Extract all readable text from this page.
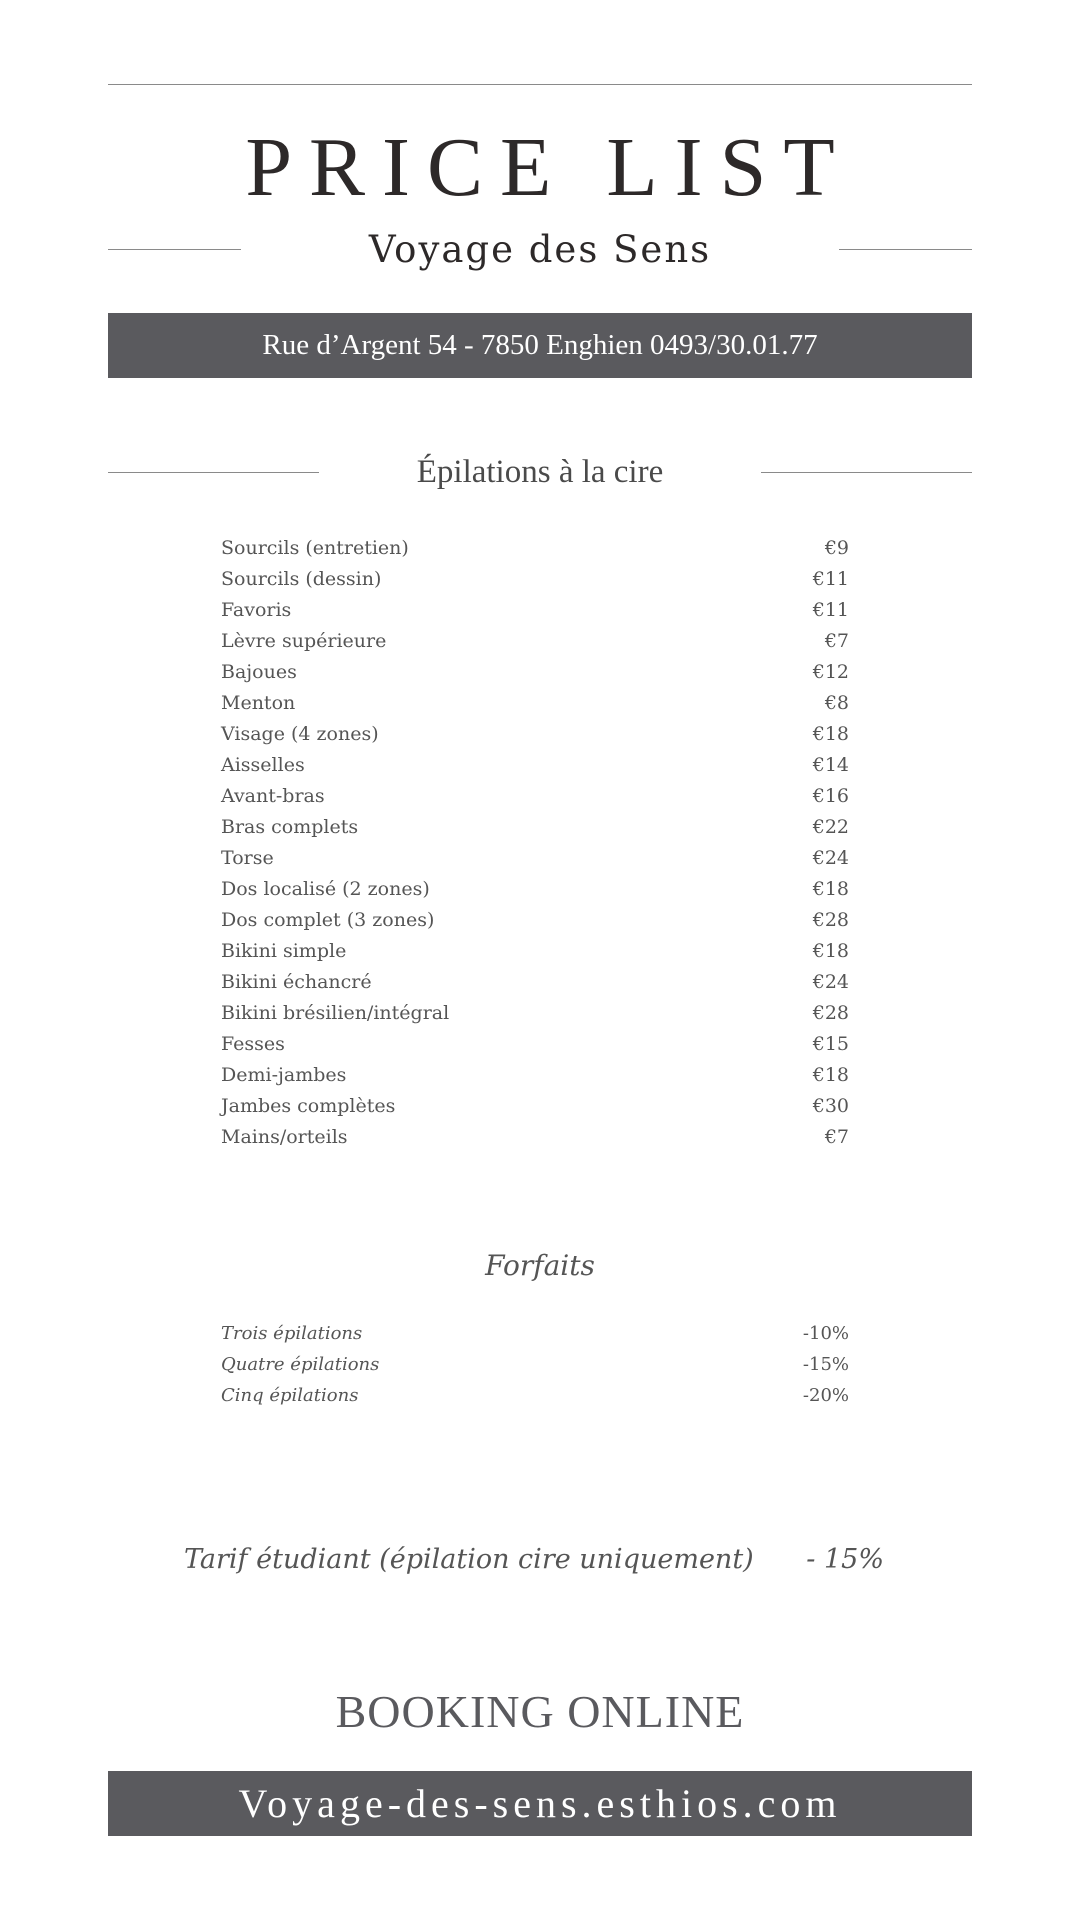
PRICE LIST
Voyage des Sens
Rue d’Argent 54 - 7850 Enghien 0493/30.01.77
Épilations à la cire
Sourcils (entretien)	€9
Sourcils (dessin)	€11
Favoris	€11
Lèvre supérieure	€7
Bajoues	€12
Menton	€8
Visage (4 zones)	€18
Aisselles	€14
Avant-bras	€16
Bras complets	€22
Torse	€24
Dos localisé (2 zones)	€18
Dos complet (3 zones)	€28
Bikini simple	€18
Bikini échancré	€24
Bikini brésilien/intégral	€28
Fesses	€15
Demi-jambes	€18
Jambes complètes	€30
Mains/orteils	€7
Forfaits
Trois épilations	-10%
Quatre épilations	-15%
Cinq épilations	-20%
Tarif étudiant (épilation cire uniquement) - 15%
BOOKING ONLINE
Voyage-des-sens.esthios.com
